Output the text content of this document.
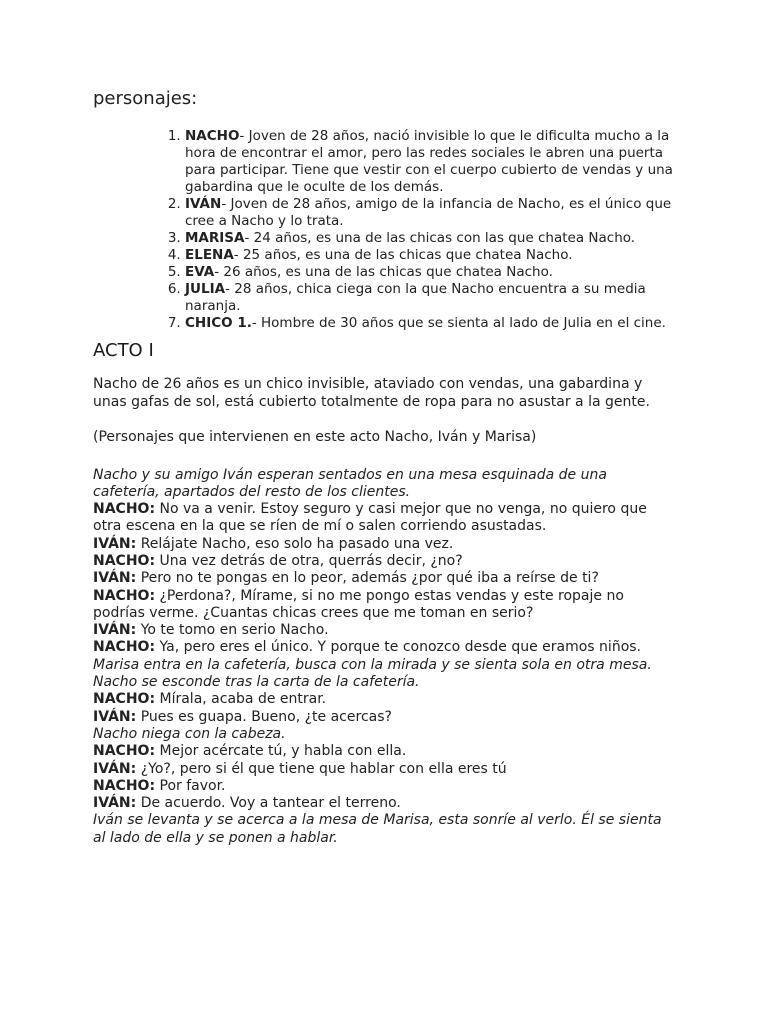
personajes:
1. NACHO- Joven de 28 años, nació invisible lo que le dificulta mucho a la hora de encontrar el amor, pero las redes sociales le abren una puerta para participar. Tiene que vestir con el cuerpo cubierto de vendas y una gabardina que le oculte de los demás.
2. IVÁN- Joven de 28 años, amigo de la infancia de Nacho, es el único que cree a Nacho y lo trata.
3. MARISA- 24 años, es una de las chicas con las que chatea Nacho.
4. ELENA- 25 años, es una de las chicas que chatea Nacho.
5. EVA- 26 años, es una de las chicas que chatea Nacho.
6. JULIA- 28 años, chica ciega con la que Nacho encuentra a su media naranja.
7. CHICO 1.- Hombre de 30 años que se sienta al lado de Julia en el cine.
ACTO I

Nacho de 26 años es un chico invisible, ataviado con vendas, una gabardina y unas gafas de sol, está cubierto totalmente de ropa para no asustar a la gente.

(Personajes que intervienen en este acto Nacho, Iván y Marisa)

Nacho y su amigo Iván esperan sentados en una mesa esquinada de una cafetería, apartados del resto de los clientes.
NACHO: No va a venir. Estoy seguro y casi mejor que no venga, no quiero que otra escena en la que se ríen de mí o salen corriendo asustadas.
IVÁN: Relájate Nacho, eso solo ha pasado una vez.
NACHO: Una vez detrás de otra, querrás decir, ¿no?
IVÁN: Pero no te pongas en lo peor, además ¿por qué iba a reírse de ti?
NACHO: ¿Perdona?, Mírame, si no me pongo estas vendas y este ropaje no podrías verme. ¿Cuantas chicas crees que me toman en serio?
IVÁN: Yo te tomo en serio Nacho.
NACHO: Ya, pero eres el único. Y porque te conozco desde que eramos niños.
Marisa entra en la cafetería, busca con la mirada y se sienta sola en otra mesa. Nacho se esconde tras la carta de la cafetería.
NACHO: Mírala, acaba de entrar.
IVÁN: Pues es guapa. Bueno, ¿te acercas?
Nacho niega con la cabeza.
NACHO: Mejor acércate tú, y habla con ella.
IVÁN: ¿Yo?, pero si él que tiene que hablar con ella eres tú
NACHO: Por favor.
IVÁN: De acuerdo. Voy a tantear el terreno.
Iván se levanta y se acerca a la mesa de Marisa, esta sonríe al verlo. Él se sienta al lado de ella y se ponen a hablar.
